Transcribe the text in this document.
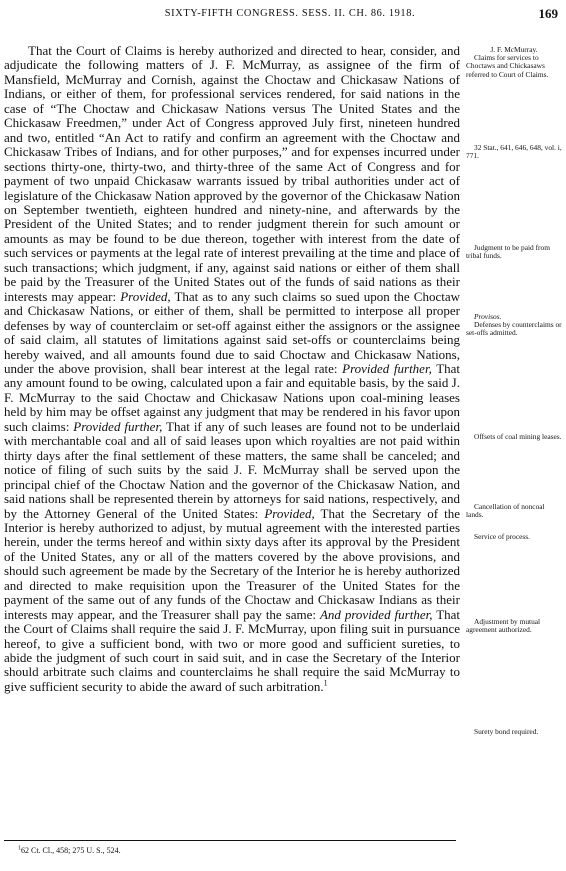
SIXTY-FIFTH CONGRESS. SESS. II. CH. 86. 1918.	169

That the Court of Claims is hereby authorized and directed to hear, consider, and adjudicate the following matters of J. F. McMurray, as assignee of the firm of Mansfield, McMurray and Cornish, against the Choctaw and Chickasaw Nations of Indians, or either of them, for professional services rendered, for said nations in the case of “The Choctaw and Chickasaw Nations versus The United States and the Chickasaw Freedmen,” under Act of Congress approved July first, nineteen hundred and two, entitled “An Act to ratify and confirm an agreement with the Choctaw and Chickasaw Tribes of Indians, and for other purposes,” and for expenses incurred under sections thirty-one, thirty-two, and thirty-three of the same Act of Congress and for payment of two unpaid Chickasaw warrants issued by tribal authorities under act of legislature of the Chickasaw Nation approved by the governor of the Chickasaw Nation on September twentieth, eighteen hundred and ninety-nine, and afterwards by the President of the United States; and to render judgment therein for such amount or amounts as may be found to be due thereon, together with interest from the date of such services or payments at the legal rate of interest prevailing at the time and place of such transactions; which judgment, if any, against said nations or either of them shall be paid by the Treasurer of the United States out of the funds of said nations as their interests may appear: Provided, That as to any such claims so sued upon the Choctaw and Chickasaw Nations, or either of them, shall be permitted to interpose all proper defenses by way of counterclaim or set-off against either the assignors or the assignee of said claim, all statutes of limitations against said set-offs or counterclaims being hereby waived, and all amounts found due to said Choctaw and Chickasaw Nations, under the above provision, shall bear interest at the legal rate: Provided further, That any amount found to be owing, calculated upon a fair and equitable basis, by the said J. F. McMurray to the said Choctaw and Chickasaw Nations upon coal-mining leases held by him may be offset against any judgment that may be rendered in his favor upon such claims: Provided further, That if any of such leases are found not to be underlaid with merchantable coal and all of said leases upon which royalties are not paid within thirty days after the final settlement of these matters, the same shall be canceled; and notice of filing of such suits by the said J. F. McMurray shall be served upon the principal chief of the Choctaw Nation and the governor of the Chickasaw Nation, and said nations shall be represented therein by attorneys for said nations, respectively, and by the Attorney General of the United States: Provided, That the Secretary of the Interior is hereby authorized to adjust, by mutual agreement with the interested parties herein, under the terms hereof and within sixty days after its approval by the President of the United States, any or all of the matters covered by the above provisions, and should such agreement be made by the Secretary of the Interior he is hereby authorized and directed to make requisition upon the Treasurer of the United States for the payment of the same out of any funds of the Choctaw and Chickasaw Indians as their interests may appear, and the Treasurer shall pay the same: And provided further, That the Court of Claims shall require the said J. F. McMurray, upon filing suit in pursuance hereof, to give a sufficient bond, with two or more good and sufficient sureties, to abide the judgment of such court in said suit, and in case the Secretary of the Interior should arbitrate such claims and counterclaims he shall require the said McMurray to give sufficient security to abide the award of such arbitration.$^1$

J. F. McMurray.
Claims for services to Choctaws and Chickasaws referred to Court of Claims.
32 Stat., 641, 646, 648, vol. i, 771.
Judgment to be paid from tribal funds.
Provisos.
Defenses by counterclaims or set-offs admitted.
Offsets of coal mining leases.
Cancellation of noncoal lands.
Service of process.
Adjustment by mutual agreement authorized.
Surety bond required.
$^1$62 Ct. Cl., 458; 275 U. S., 524.
